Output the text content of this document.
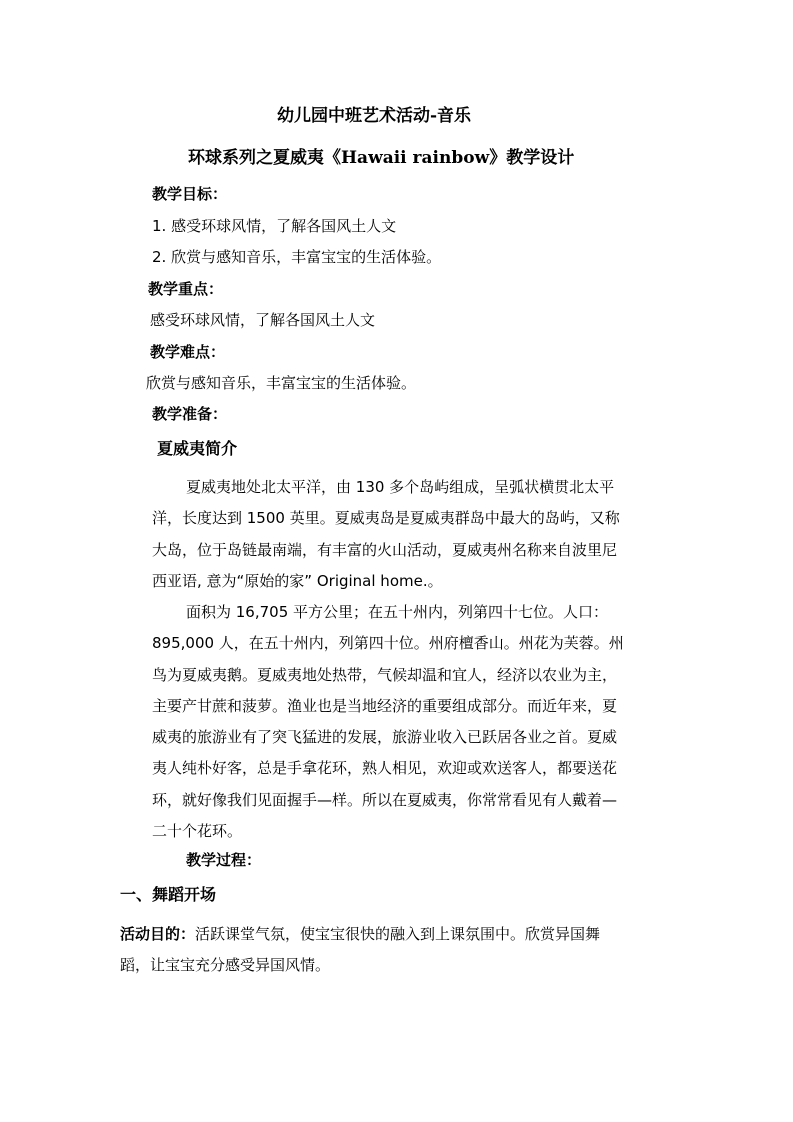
幼儿园中班艺术活动-音乐
环球系列之夏威夷《Hawaii rainbow》教学设计
教学目标：
1. 感受环球风情，了解各国风土人文
2. 欣赏与感知音乐，丰富宝宝的生活体验。
教学重点：
感受环球风情，了解各国风土人文
教学难点：
欣赏与感知音乐，丰富宝宝的生活体验。
教学准备：
夏威夷简介
夏威夷地处北太平洋，由 130 多个岛屿组成，呈弧状横贯北太平
洋，长度达到 1500 英里。夏威夷岛是夏威夷群岛中最大的岛屿，又称
大岛，位于岛链最南端，有丰富的火山活动，夏威夷州名称来自波里尼
西亚语, 意为“原始的家” Original home.。
面积为 16,705 平方公里；在五十州内，列第四十七位。人口：
895,000 人，在五十州内，列第四十位。州府檀香山。州花为芙蓉。州
鸟为夏威夷鹅。夏威夷地处热带，气候却温和宜人，经济以农业为主，
主要产甘蔗和菠萝。渔业也是当地经济的重要组成部分。而近年来，夏
威夷的旅游业有了突飞猛进的发展，旅游业收入已跃居各业之首。夏威
夷人纯朴好客，总是手拿花环，熟人相见，欢迎或欢送客人，都要送花
环，就好像我们见面握手—样。所以在夏威夷，你常常看见有人戴着—
二十个花环。
教学过程：
一、舞蹈开场
活动目的：活跃课堂气氛，使宝宝很快的融入到上课氛围中。欣赏异国舞
蹈，让宝宝充分感受异国风情。
